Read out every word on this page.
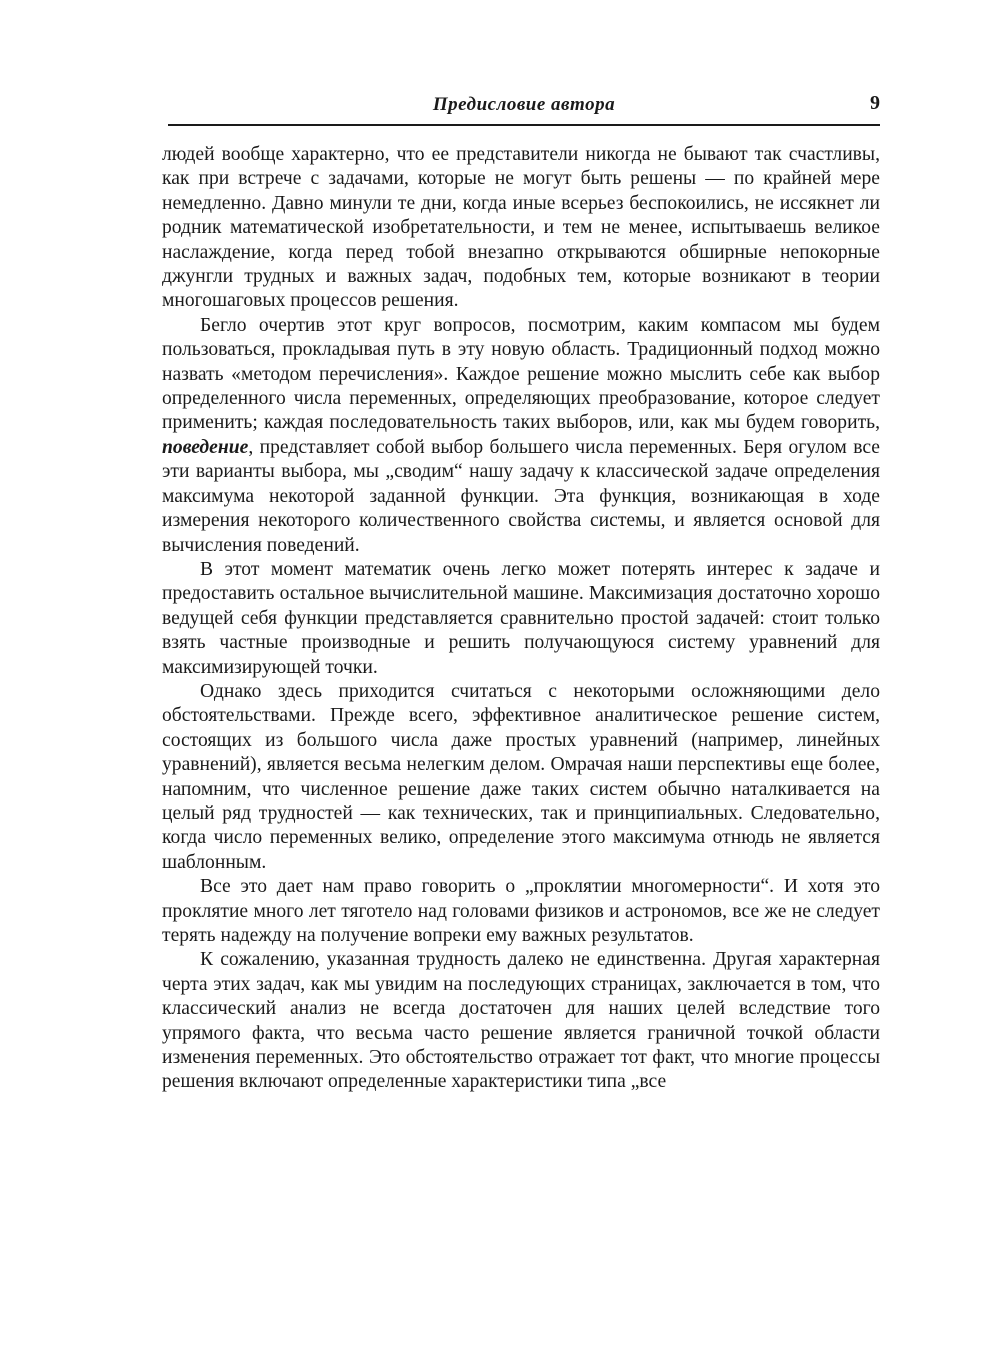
Предисловие автора	9

людей вообще характерно, что ее представители никогда не бывают так счастливы, как при встрече с задачами, которые не могут быть решены — по крайней мере немедленно. Давно минули те дни, когда иные всерьез беспокоились, не иссякнет ли родник математической изобретательности, и тем не менее, испытываешь великое наслаждение, когда перед тобой внезапно открываются обширные непокорные джунгли трудных и важных задач, подобных тем, которые возникают в теории многошаговых процессов решения.

Бегло очертив этот круг вопросов, посмотрим, каким компасом мы будем пользоваться, прокладывая путь в эту новую область. Традиционный подход можно назвать «методом перечисления». Каждое решение можно мыслить себе как выбор определенного числа переменных, определяющих преобразование, которое следует применить; каждая последовательность таких выборов, или, как мы будем говорить, поведение, представляет собой выбор большего числа переменных. Беря огулом все эти варианты выбора, мы „сводим“ нашу задачу к классической задаче определения максимума некоторой заданной функции. Эта функция, возникающая в ходе измерения некоторого количественного свойства системы, и является основой для вычисления поведений.

В этот момент математик очень легко может потерять интерес к задаче и предоставить остальное вычислительной машине. Максимизация достаточно хорошо ведущей себя функции представляется сравнительно простой задачей: стоит только взять частные производные и решить получающуюся систему уравнений для максимизирующей точки.

Однако здесь приходится считаться с некоторыми осложняющими дело обстоятельствами. Прежде всего, эффективное аналитическое решение систем, состоящих из большого числа даже простых уравнений (например, линейных уравнений), является весьма нелегким делом. Омрачая наши перспективы еще более, напомним, что численное решение даже таких систем обычно наталкивается на целый ряд трудностей — как технических, так и принципиальных. Следовательно, когда число переменных велико, определение этого максимума отнюдь не является шаблонным.

Все это дает нам право говорить о „проклятии многомерности“. И хотя это проклятие много лет тяготело над головами физиков и астрономов, все же не следует терять надежду на получение вопреки ему важных результатов.

К сожалению, указанная трудность далеко не единственна. Другая характерная черта этих задач, как мы увидим на последующих страницах, заключается в том, что классический анализ не всегда достаточен для наших целей вследствие того упрямого факта, что весьма часто решение является граничной точкой области изменения переменных. Это обстоятельство отражает тот факт, что многие процессы решения включают определенные характеристики типа „все
